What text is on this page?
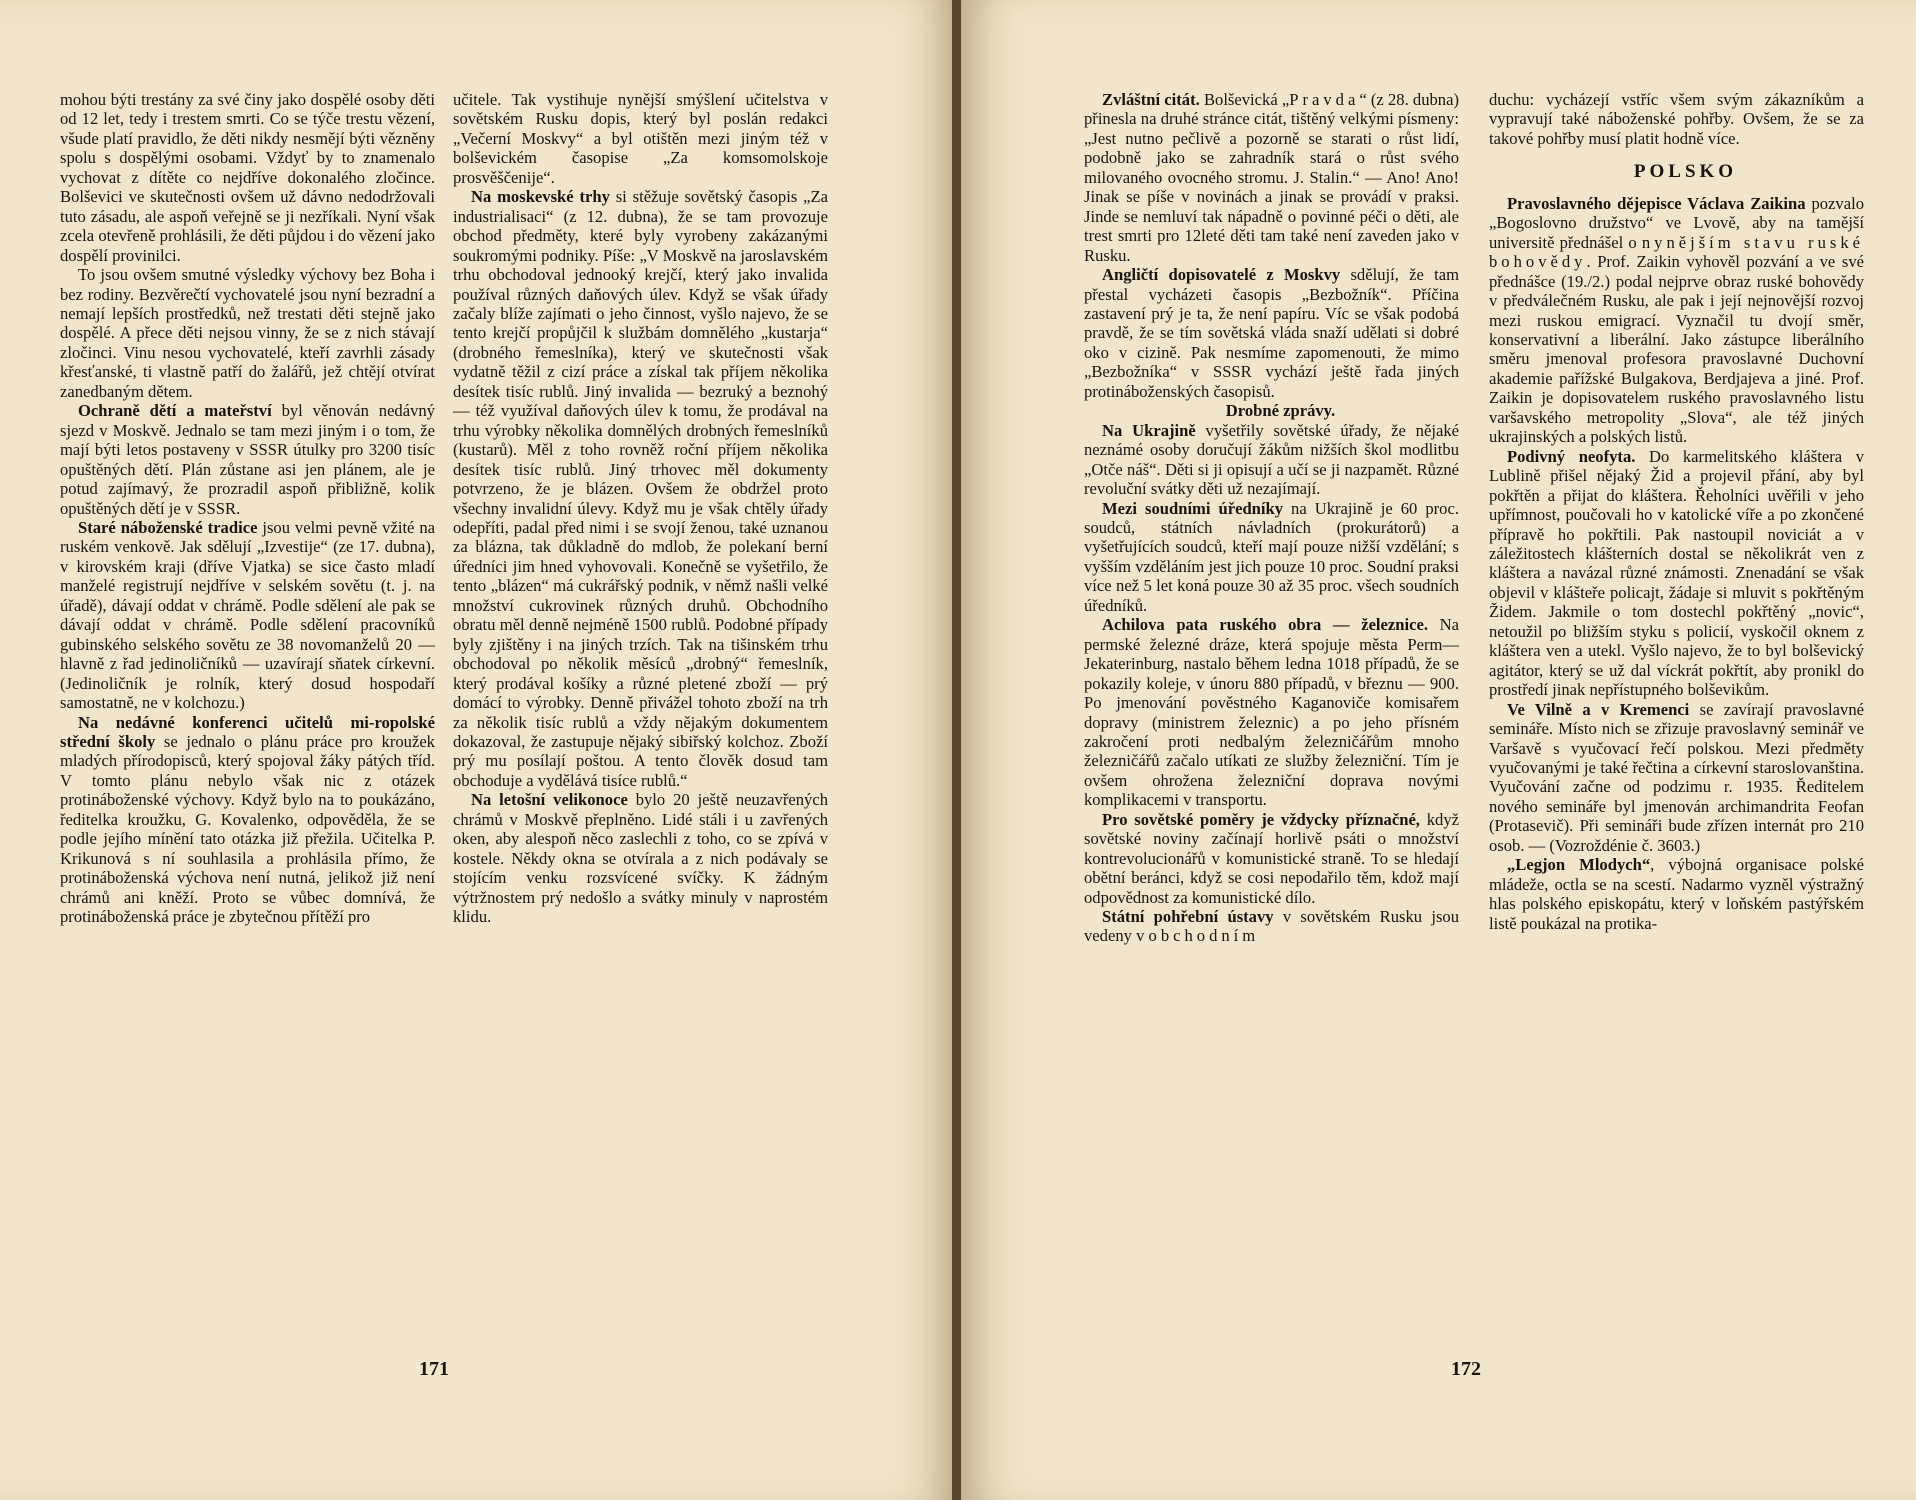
mohou býti trestány za své činy jako dospělé osoby děti od 12 let, tedy i trestem smrti. Co se týče trestu vězení, všude platí pravidlo, že děti nikdy nesmějí býti vězněny spolu s dospělými osobami. Vždyť by to znamenalo vychovat z dítěte co nejdříve dokonalého zločince. Bolševici ve skutečnosti ovšem už dávno nedodržovali tuto zásadu, ale aspoň veřejně se ji nezříkali. Nyní však zcela otevřeně prohlásili, že děti půjdou i do vězení jako dospělí provinilci.

To jsou ovšem smutné výsledky výchovy bez Boha i bez rodiny. Bezvěrečtí vychovatelé jsou nyní bezradní a nemají lepších prostředků, než trestati děti stejně jako dospělé. A přece děti nejsou vinny, že se z nich stávají zločinci. Vinu nesou vychovatelé, kteří zavrhli zásady křesťanské, ti vlastně patří do žalářů, jež chtějí otvírat zanedbaným dětem.

Ochraně dětí a mateřství byl věnován nedávný sjezd v Moskvě. Jednalo se tam mezi jiným i o tom, že mají býti letos postaveny v SSSR útulky pro 3200 tisíc opuštěných dětí. Plán zůstane asi jen plánem, ale je potud zajímavý, že prozradil aspoň přibližně, kolik opuštěných dětí je v SSSR.

Staré náboženské tradice jsou velmi pevně vžité na ruském venkově. Jak sdělují „Izvestije“ (ze 17. dubna), v kirovském kraji (dříve Vjatka) se sice často mladí manželé registrují nejdříve v selském sovětu (t. j. na úřadě), dávají oddat v chrámě. Podle sdělení ale pak se dávají oddat v chrámě. Podle sdělení pracovníků gubinského selského sovětu ze 38 novomanželů 20 — hlavně z řad jedinoličníků — uzavírají sňatek církevní. (Jedinoličník je rolník, který dosud hospodaří samostatně, ne v kolchozu.)

Na nedávné konferenci učitelů mi-ropolské střední školy se jednalo o plánu práce pro kroužek mladých přírodopisců, který spojoval žáky pátých tříd. V tomto plánu nebylo však nic z otázek protináboženské výchovy. Když bylo na to poukázáno, ředitelka kroužku, G. Kovalenko, odpověděla, že se podle jejího mínění tato otázka již přežila. Učitelka P. Krikunová s ní souhlasila a prohlásila přímo, že protináboženská výchova není nutná, jelikož již není chrámů ani kněží. Proto se vůbec domnívá, že protináboženská práce je zbytečnou přítěží pro

učitele. Tak vystihuje nynější smýšlení učitelstva v sovětském Rusku dopis, který byl poslán redakci „Večerní Moskvy“ a byl otištěn mezi jiným též v bolševickém časopise „Za komsomolskoje prosvěščenije“.

Na moskevské trhy si stěžuje sovětský časopis „Za industrialisaci“ (z 12. dubna), že se tam provozuje obchod předměty, které byly vyrobeny zakázanými soukromými podniky. Píše: „V Moskvě na jaroslavském trhu obchodoval jednooký krejčí, který jako invalida používal různých daňových úlev. Když se však úřady začaly blíže zajímati o jeho činnost, vyšlo najevo, že se tento krejčí propůjčil k službám domnělého „kustarja“ (drobného řemeslníka), který ve skutečnosti však vydatně těžil z cizí práce a získal tak příjem několika desítek tisíc rublů. Jiný invalida — bezruký a beznohý — též využíval daňových úlev k tomu, že prodával na trhu výrobky několika domnělých drobných řemeslníků (kustarů). Měl z toho rovněž roční příjem několika desítek tisíc rublů. Jiný trhovec měl dokumenty potvrzeno, že je blázen. Ovšem že obdržel proto všechny invalidní úlevy. Když mu je však chtěly úřady odepříti, padal před nimi i se svojí ženou, také uznanou za blázna, tak důkladně do mdlob, že polekaní berní úředníci jim hned vyhovovali. Konečně se vyšetřilo, že tento „blázen“ má cukrářský podnik, v němž našli velké množství cukrovinek různých druhů. Obchodního obratu měl denně nejméně 1500 rublů. Podobné případy byly zjištěny i na jiných trzích. Tak na tišinském trhu obchodoval po několik měsíců „drobný“ řemeslník, který prodával košíky a různé pletené zboží — prý domácí to výrobky. Denně přivážel tohoto zboží na trh za několik tisíc rublů a vždy nějakým dokumentem dokazoval, že zastupuje nějaký sibiřský kolchoz. Zboží prý mu posílají poštou. A tento člověk dosud tam obchoduje a vydělává tisíce rublů.“

Na letošní velikonoce bylo 20 ještě neuzavřených chrámů v Moskvě přeplněno. Lidé stáli i u zavřených oken, aby alespoň něco zaslechli z toho, co se zpívá v kostele. Někdy okna se otvírala a z nich podávaly se stojícím venku rozsvícené svíčky. K žádným výtržnostem prý nedošlo a svátky minuly v naprostém klidu.

171

Zvláštní citát. Bolševická „Pravda“ (z 28. dubna) přinesla na druhé stránce citát, tištěný velkými písmeny: „Jest nutno pečlivě a pozorně se starati o růst lidí, podobně jako se zahradník stará o růst svého milovaného ovocného stromu. J. Stalin.“ — Ano! Ano! Jinak se píše v novinách a jinak se provádí v praksi. Jinde se nemluví tak nápadně o povinné péči o děti, ale trest smrti pro 12leté děti tam také není zaveden jako v Rusku.

Angličtí dopisovatelé z Moskvy sdělují, že tam přestal vycházeti časopis „Bezbožník“. Příčina zastavení prý je ta, že není papíru. Víc se však podobá pravdě, že se tím sovětská vláda snaží udělati si dobré oko v cizině. Pak nesmíme zapomenouti, že mimo „Bezbožníka“ v SSSR vychází ještě řada jiných protináboženských časopisů.

Drobné zprávy.

Na Ukrajině vyšetřily sovětské úřady, že nějaké neznámé osoby doručují žákům nižších škol modlitbu „Otče náš“. Děti si ji opisují a učí se ji nazpamět. Různé revoluční svátky děti už nezajímají.

Mezi soudními úředníky na Ukrajině je 60 proc. soudců, státních návladních (prokurátorů) a vyšetřujících soudců, kteří mají pouze nižší vzdělání; s vyšším vzděláním jest jich pouze 10 proc. Soudní praksi více než 5 let koná pouze 30 až 35 proc. všech soudních úředníků.

Achilova pata ruského obra — železnice. Na permské železné dráze, která spojuje města Perm—Jekaterinburg, nastalo během ledna 1018 případů, že se pokazily koleje, v únoru 880 případů, v březnu — 900. Po jmenování pověstného Kaganoviče komisařem dopravy (ministrem železnic) a po jeho přísném zakročení proti nedbalým železničářům mnoho železničářů začalo utíkati ze služby železniční. Tím je ovšem ohrožena železniční doprava novými komplikacemi v transportu.

Pro sovětské poměry je vždycky příznačné, když sovětské noviny začínají horlivě psáti o množství kontrevolucionářů v komunistické straně. To se hledají obětní beránci, když se cosi nepodařilo těm, kdož mají odpovědnost za komunistické dílo.

Státní pohřební ústavy v sovětském Rusku jsou vedeny v obchodním

duchu: vycházejí vstříc všem svým zákazníkům a vypravují také náboženské pohřby. Ovšem, že se za takové pohřby musí platit hodně více.

POLSKO

Pravoslavného dějepisce Václava Zaikina pozvalo „Bogoslovno družstvo“ ve Lvově, aby na tamější universitě přednášel o nynějším stavu ruské bohovědy. Prof. Zaikin vyhověl pozvání a ve své přednášce (19./2.) podal nejprve obraz ruské bohovědy v předválečném Rusku, ale pak i její nejnovější rozvoj mezi ruskou emigrací. Vyznačil tu dvojí směr, konservativní a liberální. Jako zástupce liberálního směru jmenoval profesora pravoslavné Duchovní akademie pařížské Bulgakova, Berdjajeva a jiné. Prof. Zaikin je dopisovatelem ruského pravoslavného listu varšavského metropolity „Slova“, ale též jiných ukrajinských a polských listů.

Podivný neofyta. Do karmelitského kláštera v Lublině přišel nějaký Žid a projevil přání, aby byl pokřtěn a přijat do kláštera. Řeholníci uvěřili v jeho upřímnost, poučovali ho v katolické víře a po zkončené přípravě ho pokřtili. Pak nastoupil noviciát a v záležitostech klášterních dostal se několikrát ven z kláštera a navázal různé známosti. Znenadání se však objevil v klášteře policajt, žádaje si mluvit s pokřtěným Židem. Jakmile o tom dostechl pokřtěný „novic“, netoužil po bližším styku s policií, vyskočil oknem z kláštera ven a utekl. Vyšlo najevo, že to byl bolševický agitátor, který se už dal víckrát pokřtít, aby pronikl do prostředí jinak nepřístupného bolševikům.

Ve Vilně a v Kremenci se zavírají pravoslavné semináře. Místo nich se zřizuje pravoslavný seminář ve Varšavě s vyučovací řečí polskou. Mezi předměty vyučovanými je také řečtina a církevní staroslovanština. Vyučování začne od podzimu r. 1935. Ředitelem nového semináře byl jmenován archimandrita Feofan (Protasevič). Při semináři bude zřízen internát pro 210 osob. — (Vozroždénie č. 3603.)

„Legjon Mlodych“, výbojná organisace polské mládeže, octla se na scestí. Nadarmo vyzněl výstražný hlas polského episkopátu, který v loňském pastýřském listě poukázal na protika-

172
